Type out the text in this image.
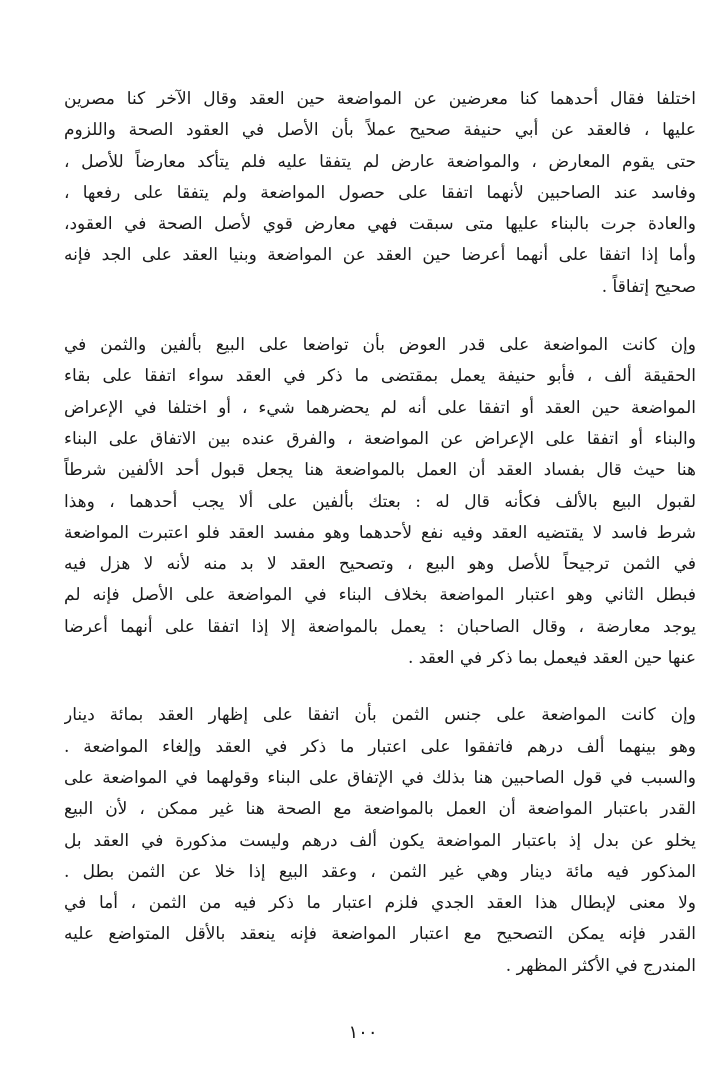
اختلفا فقال أحدهما كنا معرضين عن المواضعة حين العقد وقال الآخر كنا مصرين
عليها ، فالعقد عن أبي حنيفة صحيح عملاً بأن الأصل في العقود الصحة واللزوم
حتى يقوم المعارض ، والمواضعة عارض لم يتفقا عليه فلم يتأكد معارضاً للأصل ،
وفاسد عند الصاحبين لأنهما اتفقا على حصول المواضعة ولم يتفقا على رفعها ،
والعادة جرت بالبناء عليها متى سبقت فهي معارض قوي لأصل الصحة في العقود،
وأما إذا اتفقا على أنهما أعرضا حين العقد عن المواضعة وبنيا العقد على الجد فإنه
صحيح إتفاقاً .

وإن كانت المواضعة على قدر العوض بأن تواضعا على البيع بألفين والثمن في
الحقيقة ألف ، فأبو حنيفة يعمل بمقتضى ما ذكر في العقد سواء اتفقا على بقاء
المواضعة حين العقد أو اتفقا على أنه لم يحضرهما شيء ، أو اختلفا في الإعراض
والبناء أو اتفقا على الإعراض عن المواضعة ، والفرق عنده بين الاتفاق على البناء
هنا حيث قال بفساد العقد أن العمل بالمواضعة هنا يجعل قبول أحد الألفين شرطاً
لقبول البيع بالألف فكأنه قال له : بعتك بألفين على ألا يجب أحدهما ، وهذا
شرط فاسد لا يقتضيه العقد وفيه نفع لأحدهما وهو مفسد العقد فلو اعتبرت المواضعة
في الثمن ترجيحاً للأصل وهو البيع ، وتصحيح العقد لا بد منه لأنه لا هزل فيه
فبطل الثاني وهو اعتبار المواضعة بخلاف البناء في المواضعة على الأصل فإنه لم
يوجد معارضة ، وقال الصاحبان : يعمل بالمواضعة إلا إذا اتفقا على أنهما أعرضا
عنها حين العقد فيعمل بما ذكر في العقد .

وإن كانت المواضعة على جنس الثمن بأن اتفقا على إظهار العقد بمائة دينار
وهو بينهما ألف درهم فاتفقوا على اعتبار ما ذكر في العقد وإلغاء المواضعة .
والسبب في قول الصاحبين هنا بذلك في الإتفاق على البناء وقولهما في المواضعة على
القدر باعتبار المواضعة أن العمل بالمواضعة مع الصحة هنا غير ممكن ، لأن البيع
يخلو عن بدل إذ باعتبار المواضعة يكون ألف درهم وليست مذكورة في العقد بل
المذكور فيه مائة دينار وهي غير الثمن ، وعقد البيع إذا خلا عن الثمن بطل .
ولا معنى لإبطال هذا العقد الجدي فلزم اعتبار ما ذكر فيه من الثمن ، أما في
القدر فإنه يمكن التصحيح مع اعتبار المواضعة فإنه ينعقد بالأقل المتواضع عليه
المندرج في الأكثر المظهر .

١٠٠
